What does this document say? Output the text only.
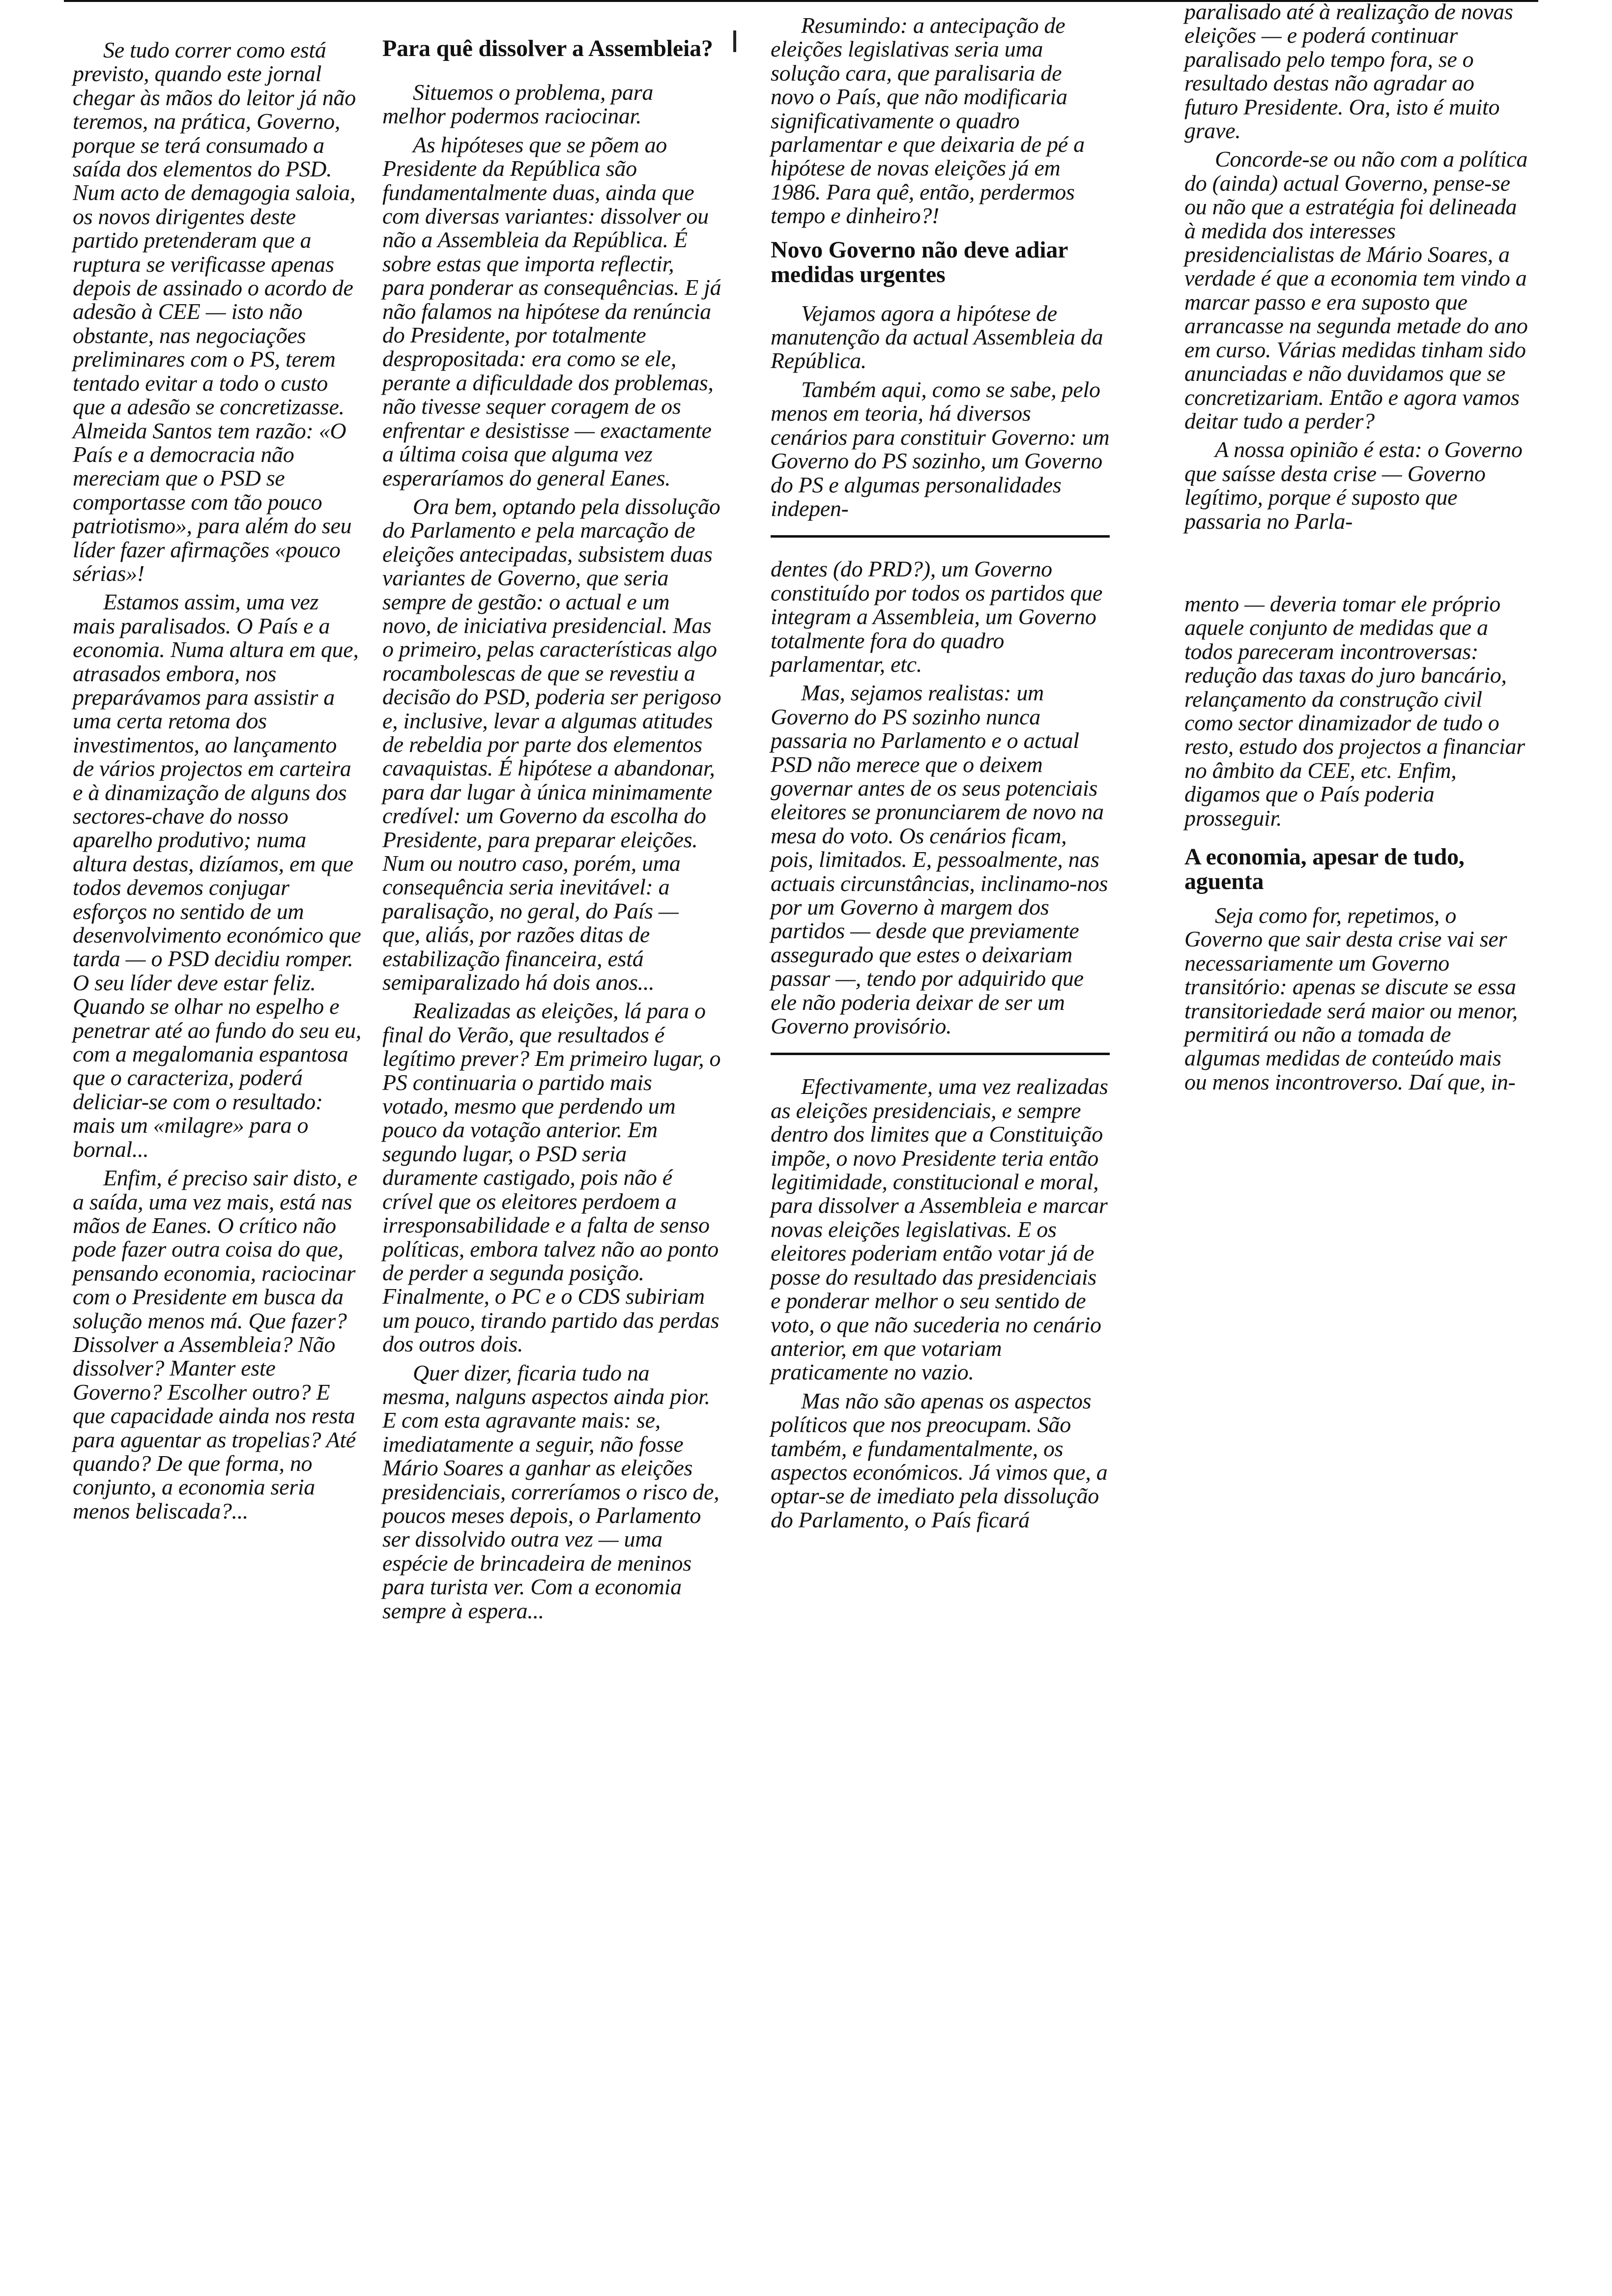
Se tudo correr como está previsto, quando este jornal chegar às mãos do leitor já não teremos, na prática, Governo, porque se terá consumado a saída dos elementos do PSD. Num acto de demagogia saloia, os novos dirigentes deste partido pretenderam que a ruptura se verificasse apenas depois de assinado o acordo de adesão à CEE — isto não obstante, nas negociações preliminares com o PS, terem tentado evitar a todo o custo que a adesão se concretizasse. Almeida Santos tem razão: «O País e a democracia não mereciam que o PSD se comportasse com tão pouco patriotismo», para além do seu líder fazer afirmações «pouco sérias»!

Estamos assim, uma vez mais paralisados. O País e a economia. Numa altura em que, atrasados embora, nos preparávamos para assistir a uma certa retoma dos investimentos, ao lançamento de vários projectos em carteira e à dinamização de alguns dos sectores-chave do nosso aparelho produtivo; numa altura destas, dizíamos, em que todos devemos conjugar esforços no sentido de um desenvolvimento económico que tarda — o PSD decidiu romper. O seu líder deve estar feliz. Quando se olhar no espelho e penetrar até ao fundo do seu eu, com a megalomania espantosa que o caracteriza, poderá deliciar-se com o resultado: mais um «milagre» para o bornal...

Enfim, é preciso sair disto, e a saída, uma vez mais, está nas mãos de Eanes. O crítico não pode fazer outra coisa do que, pensando economia, raciocinar com o Presidente em busca da solução menos má. Que fazer? Dissolver a Assembleia? Não dissolver? Manter este Governo? Escolher outro? E que capacidade ainda nos resta para aguentar as tropelias? Até quando? De que forma, no conjunto, a economia seria menos beliscada?...

Para quê dissolver a Assembleia?

Situemos o problema, para melhor podermos raciocinar.

As hipóteses que se põem ao Presidente da República são fundamentalmente duas, ainda que com diversas variantes: dissolver ou não a Assembleia da República. É sobre estas que importa reflectir, para ponderar as consequências. E já não falamos na hipótese da renúncia do Presidente, por totalmente despropositada: era como se ele, perante a dificuldade dos problemas, não tivesse sequer coragem de os enfrentar e desistisse — exactamente a última coisa que alguma vez esperaríamos do general Eanes.

Ora bem, optando pela dissolução do Parlamento e pela marcação de eleições antecipadas, subsistem duas variantes de Governo, que seria sempre de gestão: o actual e um novo, de iniciativa presidencial. Mas o primeiro, pelas características algo rocambolescas de que se revestiu a decisão do PSD, poderia ser perigoso e, inclusive, levar a algumas atitudes de rebeldia por parte dos elementos cavaquistas. É hipótese a abandonar, para dar lugar à única minimamente credível: um Governo da escolha do Presidente, para preparar eleições. Num ou noutro caso, porém, uma consequência seria inevitável: a paralisação, no geral, do País — que, aliás, por razões ditas de estabilização financeira, está semiparalizado há dois anos...

Realizadas as eleições, lá para o final do Verão, que resultados é legítimo prever? Em primeiro lugar, o PS continuaria o partido mais votado, mesmo que perdendo um pouco da votação anterior. Em segundo lugar, o PSD seria duramente castigado, pois não é crível que os eleitores perdoem a irresponsabilidade e a falta de senso políticas, embora talvez não ao ponto de perder a segunda posição. Finalmente, o PC e o CDS subiriam um pouco, tirando partido das perdas dos outros dois.

Quer dizer, ficaria tudo na mesma, nalguns aspectos ainda pior. E com esta agravante mais: se, imediatamente a seguir, não fosse Mário Soares a ganhar as eleições presidenciais, correríamos o risco de, poucos meses depois, o Parlamento ser dissolvido outra vez — uma espécie de brincadeira de meninos para turista ver. Com a economia sempre à espera...

Resumindo: a antecipação de eleições legislativas seria uma solução cara, que paralisaria de novo o País, que não modificaria significativamente o quadro parlamentar e que deixaria de pé a hipótese de novas eleições já em 1986. Para quê, então, perdermos tempo e dinheiro?!

Novo Governo não deve adiar medidas urgentes

Vejamos agora a hipótese de manutenção da actual Assembleia da República.

Também aqui, como se sabe, pelo menos em teoria, há diversos cenários para constituir Governo: um Governo do PS sozinho, um Governo do PS e algumas personalidades indepen-

dentes (do PRD?), um Governo constituído por todos os partidos que integram a Assembleia, um Governo totalmente fora do quadro parlamentar, etc.

Mas, sejamos realistas: um Governo do PS sozinho nunca passaria no Parlamento e o actual PSD não merece que o deixem governar antes de os seus potenciais eleitores se pronunciarem de novo na mesa do voto. Os cenários ficam, pois, limitados. E, pessoalmente, nas actuais circunstâncias, inclinamo-nos por um Governo à margem dos partidos — desde que previamente assegurado que estes o deixariam passar —, tendo por adquirido que ele não poderia deixar de ser um Governo provisório.

Efectivamente, uma vez realizadas as eleições presidenciais, e sempre dentro dos limites que a Constituição impõe, o novo Presidente teria então legitimidade, constitucional e moral, para dissolver a Assembleia e marcar novas eleições legislativas. E os eleitores poderiam então votar já de posse do resultado das presidenciais e ponderar melhor o seu sentido de voto, o que não sucederia no cenário anterior, em que votariam praticamente no vazio.

Mas não são apenas os aspectos políticos que nos preocupam. São também, e fundamentalmente, os aspectos económicos. Já vimos que, a optar-se de imediato pela dissolução do Parlamento, o País ficará

paralisado até à realização de novas eleições — e poderá continuar paralisado pelo tempo fora, se o resultado destas não agradar ao futuro Presidente. Ora, isto é muito grave.

Concorde-se ou não com a política do (ainda) actual Governo, pense-se ou não que a estratégia foi delineada à medida dos interesses presidencialistas de Mário Soares, a verdade é que a economia tem vindo a marcar passo e era suposto que arrancasse na segunda metade do ano em curso. Várias medidas tinham sido anunciadas e não duvidamos que se concretizariam. Então e agora vamos deitar tudo a perder?

A nossa opinião é esta: o Governo que saísse desta crise — Governo legítimo, porque é suposto que passaria no Parla-

mento — deveria tomar ele próprio aquele conjunto de medidas que a todos pareceram incontroversas: redução das taxas do juro bancário, relançamento da construção civil como sector dinamizador de tudo o resto, estudo dos projectos a financiar no âmbito da CEE, etc. Enfim, digamos que o País poderia prosseguir.

A economia, apesar de tudo, aguenta

Seja como for, repetimos, o Governo que sair desta crise vai ser necessariamente um Governo transitório: apenas se discute se essa transitoriedade será maior ou menor, permitirá ou não a tomada de algumas medidas de conteúdo mais ou menos incontroverso. Daí que, in-
